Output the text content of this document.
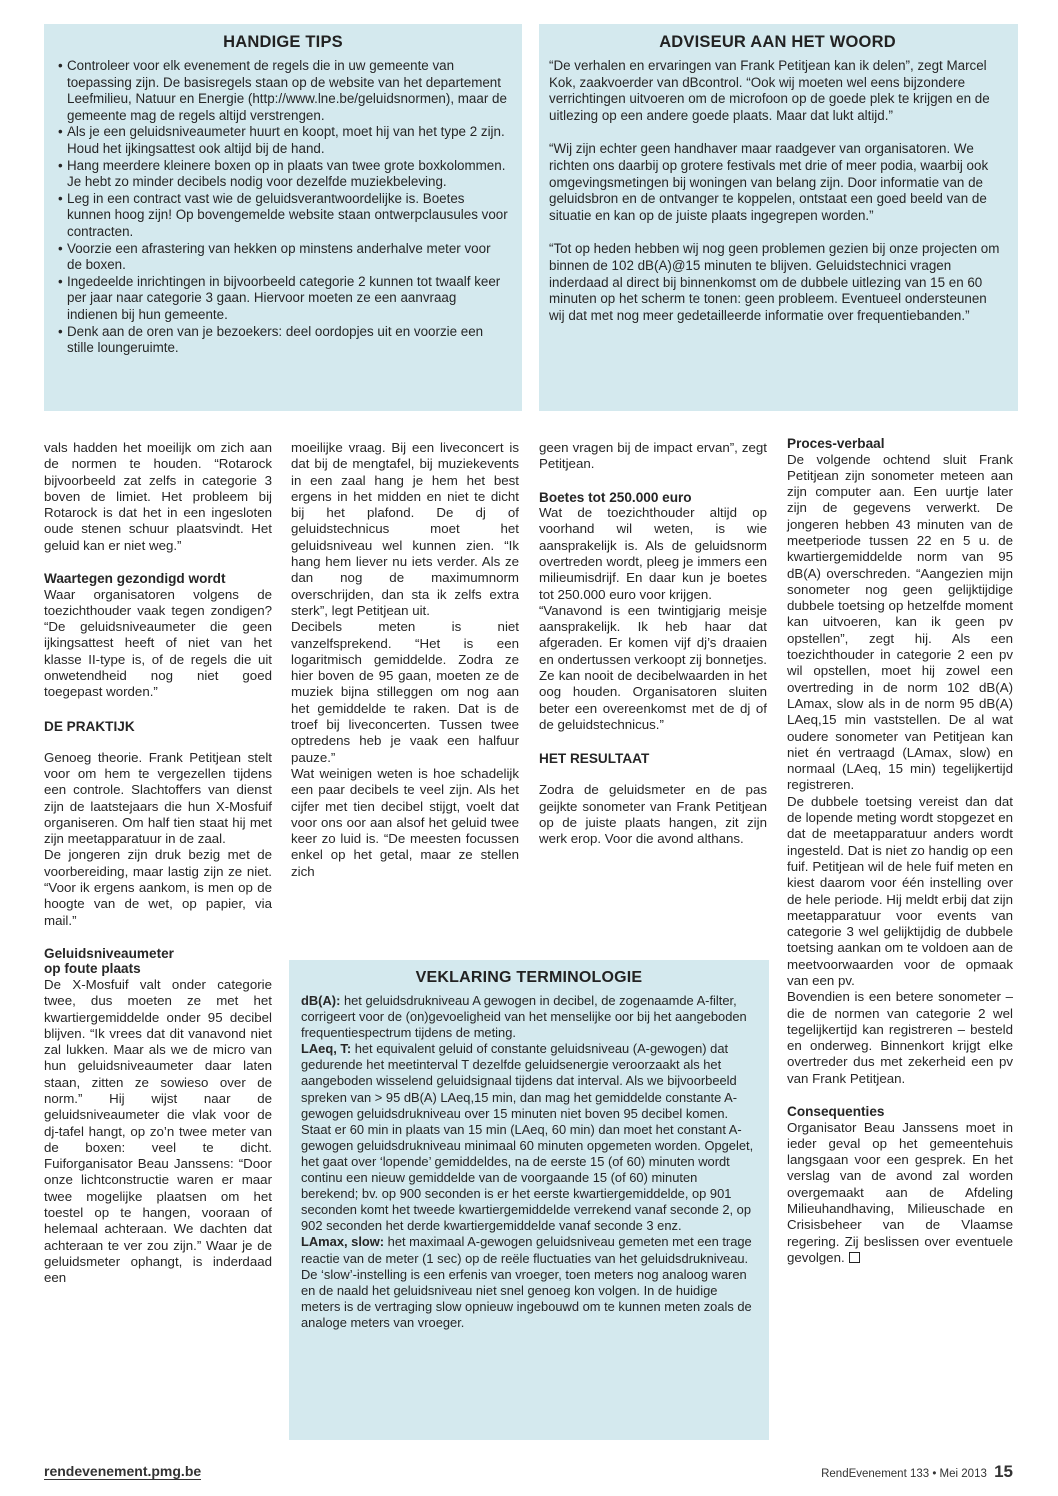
HANDIGE TIPS
• Controleer voor elk evenement de regels die in uw gemeente van toepassing zijn. De basisregels staan op de website van het departement Leefmilieu, Natuur en Energie (http://www.lne.be/geluidsnormen), maar de gemeente mag de regels altijd verstrengen.
• Als je een geluidsniveaumeter huurt en koopt, moet hij van het type 2 zijn. Houd het ijkingsattest ook altijd bij de hand.
• Hang meerdere kleinere boxen op in plaats van twee grote boxkolommen. Je hebt zo minder decibels nodig voor dezelfde muziekbeleving.
• Leg in een contract vast wie de geluidsverantwoordelijke is. Boetes kunnen hoog zijn! Op bovengemelde website staan ontwerpclausules voor contracten.
• Voorzie een afrastering van hekken op minstens anderhalve meter voor de boxen.
• Ingedeelde inrichtingen in bijvoorbeeld categorie 2 kunnen tot twaalf keer per jaar naar categorie 3 gaan. Hiervoor moeten ze een aanvraag indienen bij hun gemeente.
• Denk aan de oren van je bezoekers: deel oordopjes uit en voorzie een stille loungeruimte.
ADVISEUR AAN HET WOORD

“De verhalen en ervaringen van Frank Petitjean kan ik delen”, zegt Marcel Kok, zaakvoerder van dBcontrol. “Ook wij moeten wel eens bijzondere verrichtingen uitvoeren om de microfoon op de goede plek te krijgen en de uitlezing op een andere goede plaats. Maar dat lukt altijd.”

“Wij zijn echter geen handhaver maar raadgever van organisatoren. We richten ons daarbij op grotere festivals met drie of meer podia, waarbij ook omgevingsmetingen bij woningen van belang zijn. Door informatie van de geluidsbron en de ontvanger te koppelen, ontstaat een goed beeld van de situatie en kan op de juiste plaats ingegrepen worden.”

“Tot op heden hebben wij nog geen problemen gezien bij onze projecten om binnen de 102 dB(A)@15 minuten te blijven. Geluidstechnici vragen inderdaad al direct bij binnenkomst om de dubbele uitlezing van 15 en 60 minuten op het scherm te tonen: geen probleem. Eventueel ondersteunen wij dat met nog meer gedetailleerde informatie over frequentiebanden.”

vals hadden het moeilijk om zich aan de normen te houden. “Rotarock bijvoorbeeld zat zelfs in categorie 3 boven de limiet. Het probleem bij Rotarock is dat het in een ingesloten oude stenen schuur plaatsvindt. Het geluid kan er niet weg.”

Waartegen gezondigd wordt

Waar organisatoren volgens de toezichthouder vaak tegen zondigen? “De geluidsniveaumeter die geen ijkingsattest heeft of niet van het klasse II-type is, of de regels die uit onwetendheid nog niet goed toegepast worden.”

DE PRAKTIJK

Genoeg theorie. Frank Petitjean stelt voor om hem te vergezellen tijdens een controle. Slachtoffers van dienst zijn de laatstejaars die hun X-Mosfuif organiseren. Om half tien staat hij met zijn meetapparatuur in de zaal.

De jongeren zijn druk bezig met de voorbereiding, maar lastig zijn ze niet. “Voor ik ergens aankom, is men op de hoogte van de wet, op papier, via mail.”

Geluidsniveaumeter
op foute plaats

De X-Mosfuif valt onder categorie twee, dus moeten ze met het kwartiergemiddelde onder 95 decibel blijven. “Ik vrees dat dit vanavond niet zal lukken. Maar als we de micro van hun geluidsniveaumeter daar laten staan, zitten ze sowieso over de norm.” Hij wijst naar de geluidsniveaumeter die vlak voor de dj-tafel hangt, op zo’n twee meter van de boxen: veel te dicht. Fuiforganisator Beau Janssens: “Door onze lichtconstructie waren er maar twee mogelijke plaatsen om het toestel op te hangen, vooraan of helemaal achteraan. We dachten dat achteraan te ver zou zijn.” Waar je de geluidsmeter ophangt, is inderdaad een

moeilijke vraag. Bij een liveconcert is dat bij de mengtafel, bij muziekevents in een zaal hang je hem het best ergens in het midden en niet te dicht bij het plafond. De dj of geluidstechnicus moet het geluidsniveau wel kunnen zien. “Ik hang hem liever nu iets verder. Als ze dan nog de maximumnorm overschrijden, dan sta ik zelfs extra sterk”, legt Petitjean uit.

Decibels meten is niet vanzelfsprekend. “Het is een logaritmisch gemiddelde. Zodra ze hier boven de 95 gaan, moeten ze de muziek bijna stilleggen om nog aan het gemiddelde te raken. Dat is de troef bij liveconcerten. Tussen twee optredens heb je vaak een halfuur pauze.”

Wat weinigen weten is hoe schadelijk een paar decibels te veel zijn. Als het cijfer met tien decibel stijgt, voelt dat voor ons oor aan alsof het geluid twee keer zo luid is. “De meesten focussen enkel op het getal, maar ze stellen zich

geen vragen bij de impact ervan”, zegt Petitjean.

Boetes tot 250.000 euro

Wat de toezichthouder altijd op voorhand wil weten, is wie aansprakelijk is. Als de geluidsnorm overtreden wordt, pleeg je immers een milieumisdrijf. En daar kun je boetes tot 250.000 euro voor krijgen.

“Vanavond is een twintigjarig meisje aansprakelijk. Ik heb haar dat afgeraden. Er komen vijf dj’s draaien en ondertussen verkoopt zij bonnetjes. Ze kan nooit de decibelwaarden in het oog houden. Organisatoren sluiten beter een overeenkomst met de dj of de geluidstechnicus.”

HET RESULTAAT

Zodra de geluidsmeter en de pas geijkte sonometer van Frank Petitjean op de juiste plaats hangen, zit zijn werk erop. Voor die avond althans.

Proces-verbaal

De volgende ochtend sluit Frank Petitjean zijn sonometer meteen aan zijn computer aan. Een uurtje later zijn de gegevens verwerkt. De jongeren hebben 43 minuten van de meetperiode tussen 22 en 5 u. de kwartiergemiddelde norm van 95 dB(A) overschreden. “Aangezien mijn sonometer nog geen gelijktijdige dubbele toetsing op hetzelfde moment kan uitvoeren, kan ik geen pv opstellen”, zegt hij. Als een toezichthouder in categorie 2 een pv wil opstellen, moet hij zowel een overtreding in de norm 102 dB(A) LAmax, slow als in de norm 95 dB(A) LAeq,15 min vaststellen. De al wat oudere sonometer van Petitjean kan niet én vertraagd (LAmax, slow) en normaal (LAeq, 15 min) tegelijkertijd registreren.

De dubbele toetsing vereist dan dat de lopende meting wordt stopgezet en dat de meetapparatuur anders wordt ingesteld. Dat is niet zo handig op een fuif. Petitjean wil de hele fuif meten en kiest daarom voor één instelling over de hele periode. Hij meldt erbij dat zijn meetapparatuur voor events van categorie 3 wel gelijktijdig de dubbele toetsing aankan om te voldoen aan de meetvoorwaarden voor de opmaak van een pv.

Bovendien is een betere sonometer – die de normen van categorie 2 wel tegelijkertijd kan registreren – besteld en onderweg. Binnenkort krijgt elke overtreder dus met zekerheid een pv van Frank Petitjean.

Consequenties

Organisator Beau Janssens moet in ieder geval op het gemeentehuis langsgaan voor een gesprek. En het verslag van de avond zal worden overgemaakt aan de Afdeling Milieuhandhaving, Milieuschade en Crisisbeheer van de Vlaamse regering. Zij beslissen over eventuele gevolgen.

VEKLARING TERMINOLOGIE
dB(A): het geluidsdrukniveau A gewogen in decibel, de zogenaamde A-filter, corrigeert voor de (on)gevoeligheid van het menselijke oor bij het aangeboden frequentiespectrum tijdens de meting.
LAeq, T: het equivalent geluid of constante geluidsniveau (A-gewogen) dat gedurende het meetinterval T dezelfde geluidsenergie veroorzaakt als het aangeboden wisselend geluidsignaal tijdens dat interval. Als we bijvoorbeeld spreken van > 95 dB(A) LAeq,15 min, dan mag het gemiddelde constante A-gewogen geluidsdrukniveau over 15 minuten niet boven 95 decibel komen. Staat er 60 min in plaats van 15 min (LAeq, 60 min) dan moet het constant A-gewogen geluidsdrukniveau minimaal 60 minuten opgemeten worden. Opgelet, het gaat over ‘lopende’ gemiddeldes, na de eerste 15 (of 60) minuten wordt continu een nieuw gemiddelde van de voorgaande 15 (of 60) minuten berekend; bv. op 900 seconden is er het eerste kwartiergemiddelde, op 901 seconden komt het tweede kwartiergemiddelde verrekend vanaf seconde 2, op 902 seconden het derde kwartiergemiddelde vanaf seconde 3 enz.
LAmax, slow: het maximaal A-gewogen geluidsniveau gemeten met een trage reactie van de meter (1 sec) op de reële fluctuaties van het geluidsdrukniveau. De ‘slow’-instelling is een erfenis van vroeger, toen meters nog analoog waren en de naald het geluidsniveau niet snel genoeg kon volgen. In de huidige meters is de vertraging slow opnieuw ingebouwd om te kunnen meten zoals de analoge meters van vroeger.
rendevenement.pmg.be	RendEvenement 133 • Mei 2013 15
